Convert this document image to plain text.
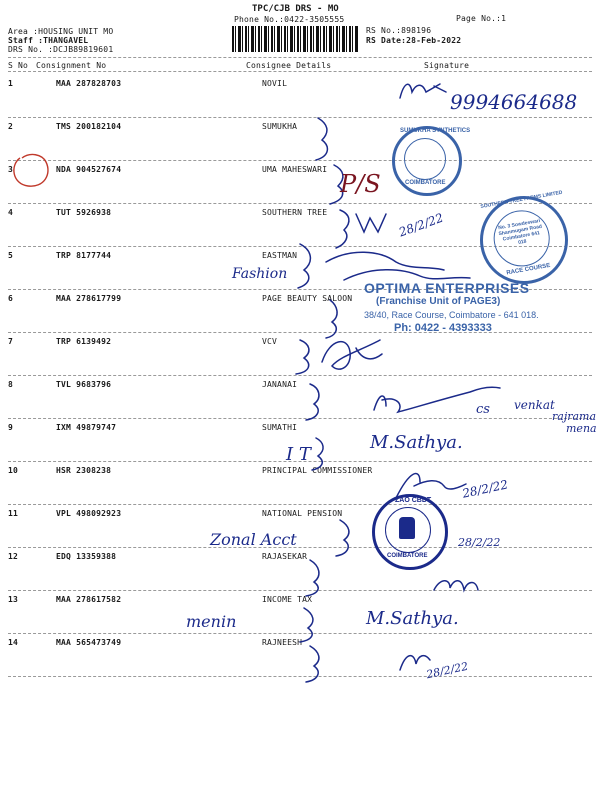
TPC/CJB DRS - MO
Phone No.:0422-3505555
Area :HOUSING UNIT MO
Staff :THANGAVEL
DRS No. :DCJB89819601
RS No.:898196
RS Date:28-Feb-2022
Page No.:1
S No Consignment No	Consignee Details	Signature
1	MAA 287828703	NOVIL
2	TMS 200182104	SUMUKHA
3	NDA 904527674	UMA MAHESWARI
4	TUT 5926938	SOUTHERN TREE
5	TRP 8177744	EASTMAN
6	MAA 278617799	PAGE BEAUTY SALOON
7	TRP 6139492	VCV
8	TVL 9683796	JANANAI
9	IXM 49879747	SUMATHI
10	HSR 2308238	PRINCIPAL COMMISSIONER
11	VPL 498092923	NATIONAL PENSION
12	EDQ 13359388	RAJASEKAR
13	MAA 278617582	INCOME TAX
14	MAA 565473749	RAJNEESH
9994664688
P/S
28/2/22
Fashion
cs venkat
rajrama
mena
M.Sathya.
I T
28/2/22
Zonal Acct	28/2/22
M.Sathya.
menin
28/2/22
SUMUKHA SYNTHETICS
COIMBATORE
SOUTHERN TREE FARMS LIMITED
No. 3 Sowdeswari Shanmugam Road Coimbatore 641 018
RACE COURSE
OPTIMA ENTERPRISES
(Franchise Unit of PAGE3)
38/40, Race Course, Coimbatore - 641 018.
Ph: 0422 - 4393333
ZAO CBDT
COIMBATORE
